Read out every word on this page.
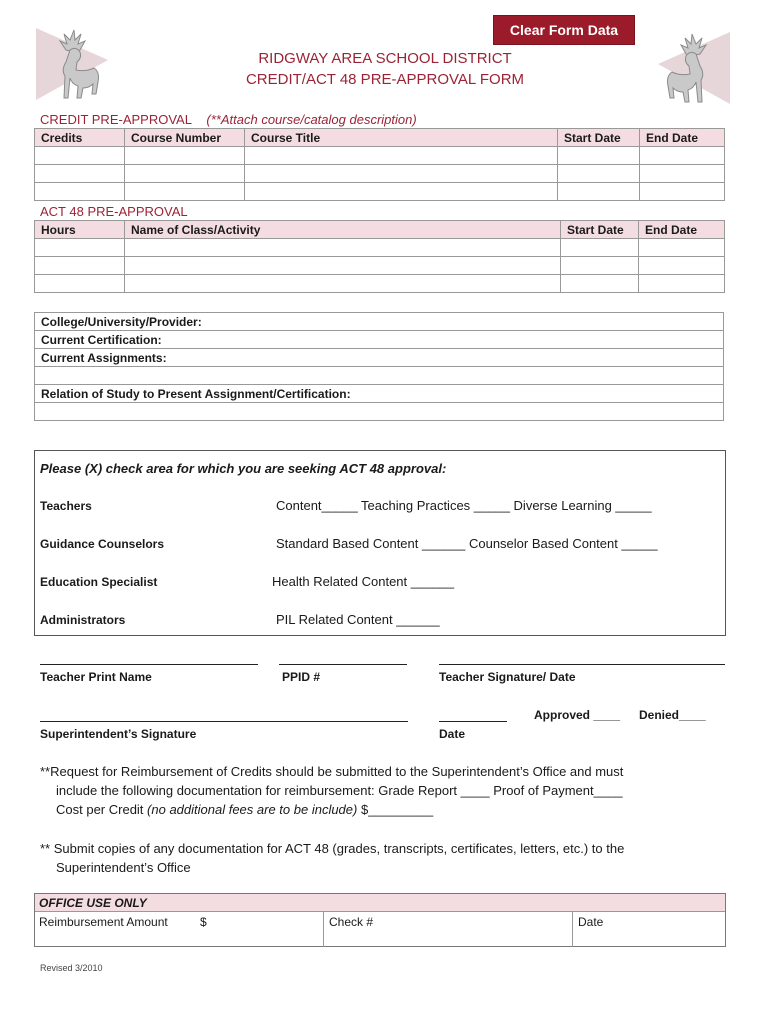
Clear Form Data
RIDGWAY AREA SCHOOL DISTRICT
CREDIT/ACT 48 PRE-APPROVAL FORM
CREDIT PRE-APPROVAL (**Attach course/catalog description)
Credits	Course Number	Course Title	Start Date	End Date

ACT 48 PRE-APPROVAL
Hours	Name of Class/Activity	Start Date	End Date

College/University/Provider:
Current Certification:
Current Assignments:

Relation of Study to Present Assignment/Certification:

Please (X) check area for which you are seeking ACT 48 approval:
Teachers	Content_____ Teaching Practices _____ Diverse Learning _____
Guidance Counselors	Standard Based Content ______ Counselor Based Content _____
Education Specialist	Health Related Content ______
Administrators	PIL Related Content ______
Teacher Print Name	PPID #	Teacher Signature/ Date
Approved ____ Denied____
Superintendent’s Signature	Date
**Request for Reimbursement of Credits should be submitted to the Superintendent’s Office and must
include the following documentation for reimbursement: Grade Report ____ Proof of Payment____
Cost per Credit (no additional fees are to be include) $_________
** Submit copies of any documentation for ACT 48 (grades, transcripts, certificates, letters, etc.) to the
Superintendent’s Office
OFFICE USE ONLY
Reimbursement Amount	$	Check #	Date
Revised 3/2010
